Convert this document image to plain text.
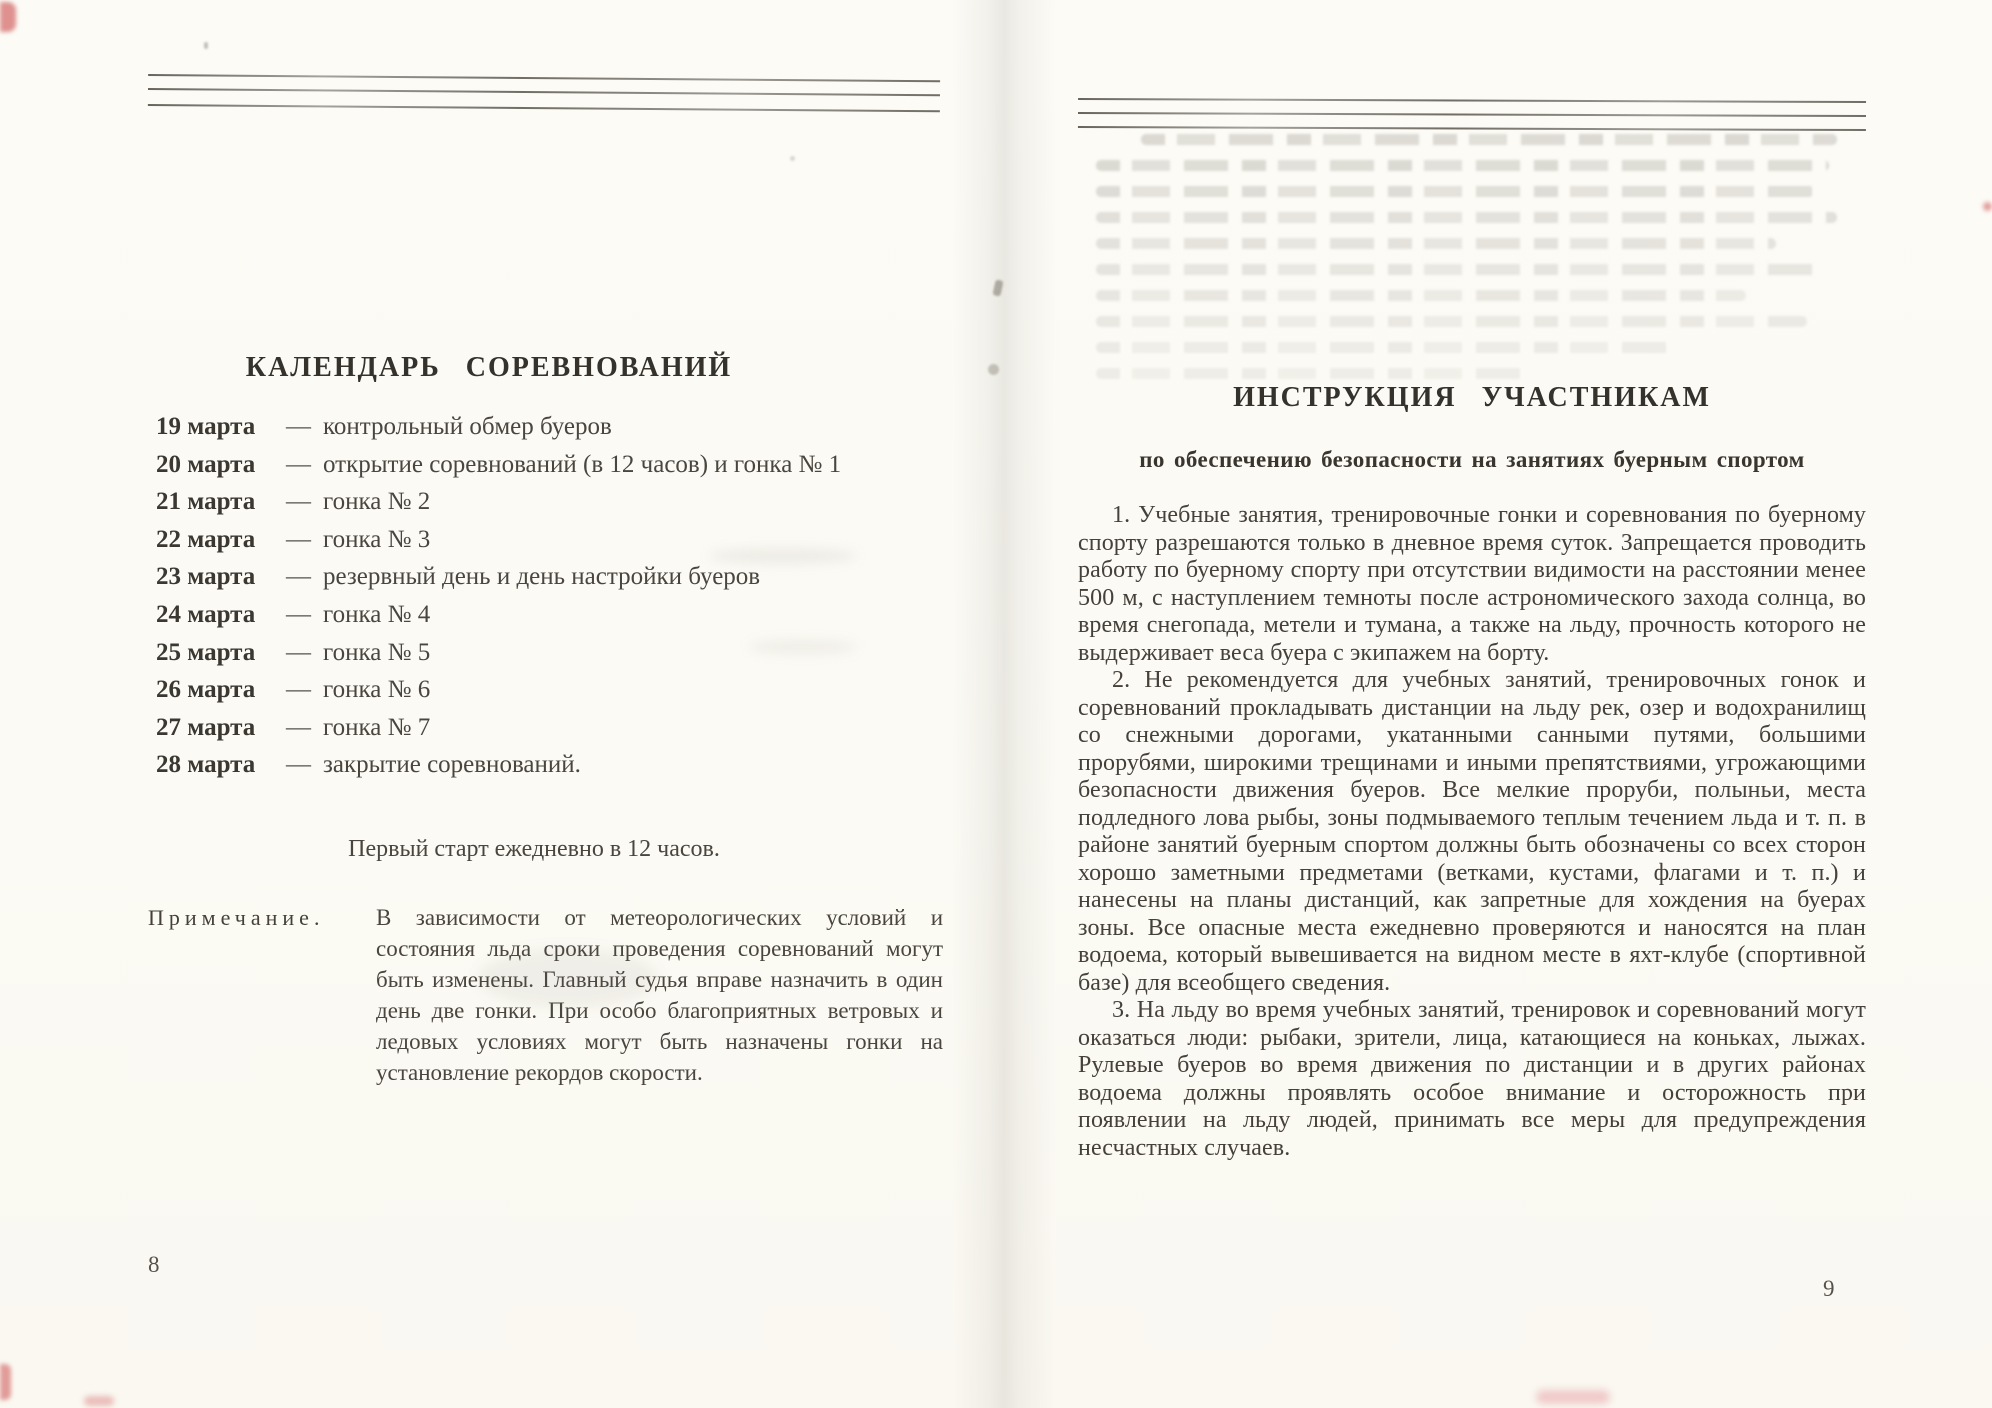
КАЛЕНДАРЬ СОРЕВНОВАНИЙ
19 марта — контрольный обмер буеров
20 марта — открытие соревнований (в 12 часов) и гонка № 1
21 марта — гонка № 2
22 марта — гонка № 3
23 марта — резервный день и день настройки буеров
24 марта — гонка № 4
25 марта — гонка № 5
26 марта — гонка № 6
27 марта — гонка № 7
28 марта — закрытие соревнований.
Первый старт ежедневно в 12 часов.
Примечание.	В зависимости от метеорологических условий и состояния льда сроки проведения соревнований могут быть изменены. Главный судья вправе назначить в один день две гонки. При особо благоприятных ветровых и ледовых условиях могут быть назначены гонки на установление рекордов скорости.
8
ИНСТРУКЦИЯ УЧАСТНИКАМ
по обеспечению безопасности на занятиях буерным спортом

1. Учебные занятия, тренировочные гонки и соревнования по буерному спорту разрешаются только в дневное время суток. Запрещается проводить работу по буерному спорту при отсутствии видимости на расстоянии менее 500 м, с наступлением темноты после астрономического захода солнца, во время снегопада, метели и тумана, а также на льду, прочность которого не выдерживает веса буера с экипажем на борту.

2. Не рекомендуется для учебных занятий, тренировочных гонок и соревнований прокладывать дистанции на льду рек, озер и водохранилищ со снежными дорогами, укатанными санными путями, большими прорубями, широкими трещинами и иными препятствиями, угрожающими безопасности движения буеров. Все мелкие проруби, полыньи, места подледного лова рыбы, зоны подмываемого теплым течением льда и т. п. в районе занятий буерным спортом должны быть обозначены со всех сторон хорошо заметными предметами (ветками, кустами, флагами и т. п.) и нанесены на планы дистанций, как запретные для хождения на буерах зоны. Все опасные места ежедневно проверяются и наносятся на план водоема, который вывешивается на видном месте в яхт-клубе (спортивной базе) для всеобщего сведения.

3. На льду во время учебных занятий, тренировок и соревнований могут оказаться люди: рыбаки, зрители, лица, катающиеся на коньках, лыжах. Рулевые буеров во время движения по дистанции и в других районах водоема должны проявлять особое внимание и осторожность при появлении на льду людей, принимать все меры для предупреждения несчастных случаев.

9
